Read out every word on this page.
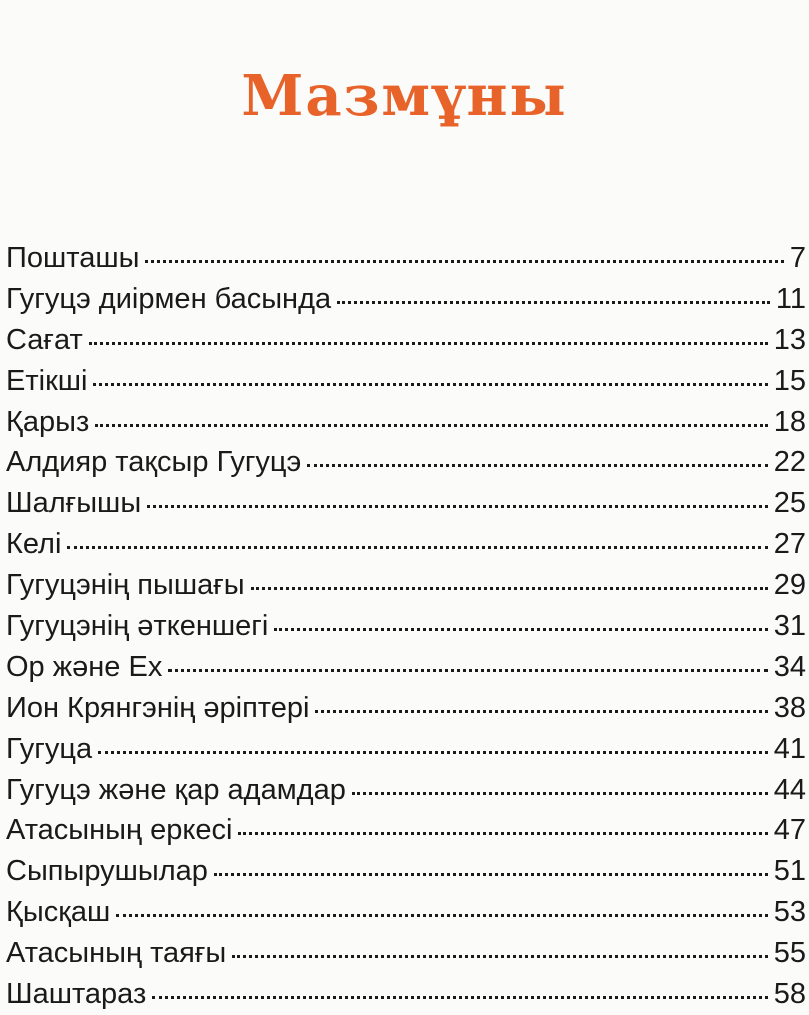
Мазмұны
Пошташы	7
Гугуцэ диірмен басында	11
Сағат	13
Етікші	15
Қарыз	18
Алдияр тақсыр Гугуцэ	22
Шалғышы	25
Келі	27
Гугуцэнің пышағы	29
Гугуцэнің әткеншегі	31
Ор және Ех	34
Ион Крянгэнің әріптері	38
Гугуца	41
Гугуцэ және қар адамдар	44
Атасының еркесі	47
Сыпырушылар	51
Қысқаш	53
Атасының таяғы	55
Шаштараз	58
